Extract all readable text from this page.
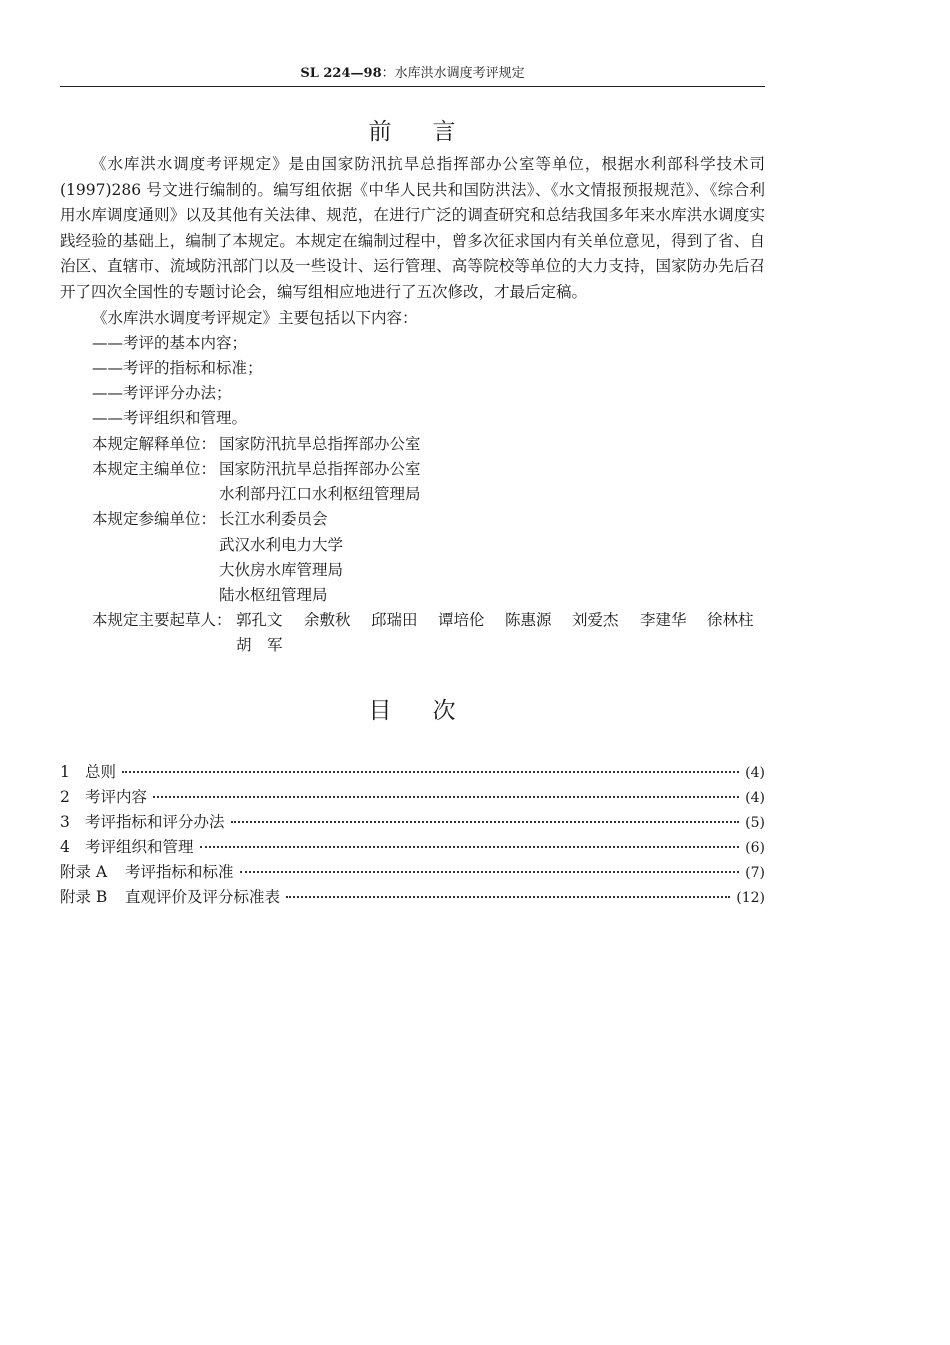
SL 224—98：水库洪水调度考评规定
前 言
《水库洪水调度考评规定》是由国家防汛抗旱总指挥部办公室等单位，根据水利部科学技术司(1997)286 号文进行编制的。编写组依据《中华人民共和国防洪法》、《水文情报预报规范》、《综合利用水库调度通则》以及其他有关法律、规范，在进行广泛的调查研究和总结我国多年来水库洪水调度实践经验的基础上，编制了本规定。本规定在编制过程中，曾多次征求国内有关单位意见，得到了省、自治区、直辖市、流域防汛部门以及一些设计、运行管理、高等院校等单位的大力支持，国家防办先后召开了四次全国性的专题讨论会，编写组相应地进行了五次修改，才最后定稿。
《水库洪水调度考评规定》主要包括以下内容：
——考评的基本内容；
——考评的指标和标准；
——考评评分办法；
——考评组织和管理。
本规定解释单位： 国家防汛抗旱总指挥部办公室
本规定主编单位： 国家防汛抗旱总指挥部办公室
水利部丹江口水利枢纽管理局
本规定参编单位： 长江水利委员会
武汉水利电力大学
大伙房水库管理局
陆水枢纽管理局
本规定主要起草人： 郭孔文 余敷秋 邱瑞田 谭培伦 陈惠源 刘爱杰 李建华 徐林柱
胡　军
目 次
1 总则	(4)
2 考评内容	(4)
3 考评指标和评分办法	(5)
4 考评组织和管理	(6)
附录 A	考评指标和标准	(7)
附录 B	直观评价及评分标准表	(12)
